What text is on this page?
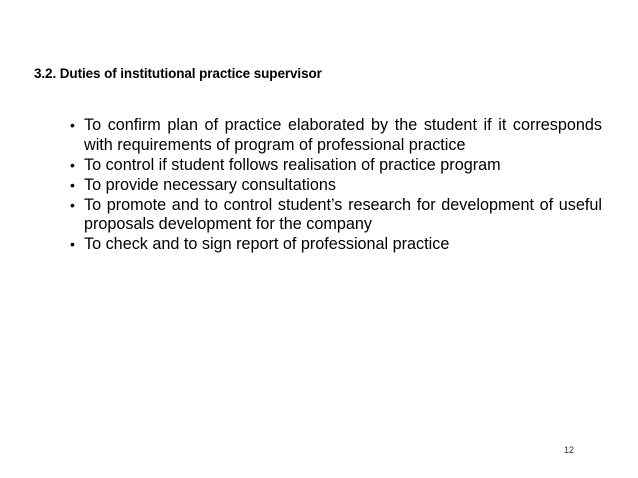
3.2. Duties of institutional practice supervisor
• To confirm plan of practice elaborated by the student if it corresponds with requirements of program of professional practice
• To control if student follows realisation of practice program
• To provide necessary consultations
• To promote and to control student’s research for development of useful proposals development for the company
• To check and to sign report of professional practice
12
